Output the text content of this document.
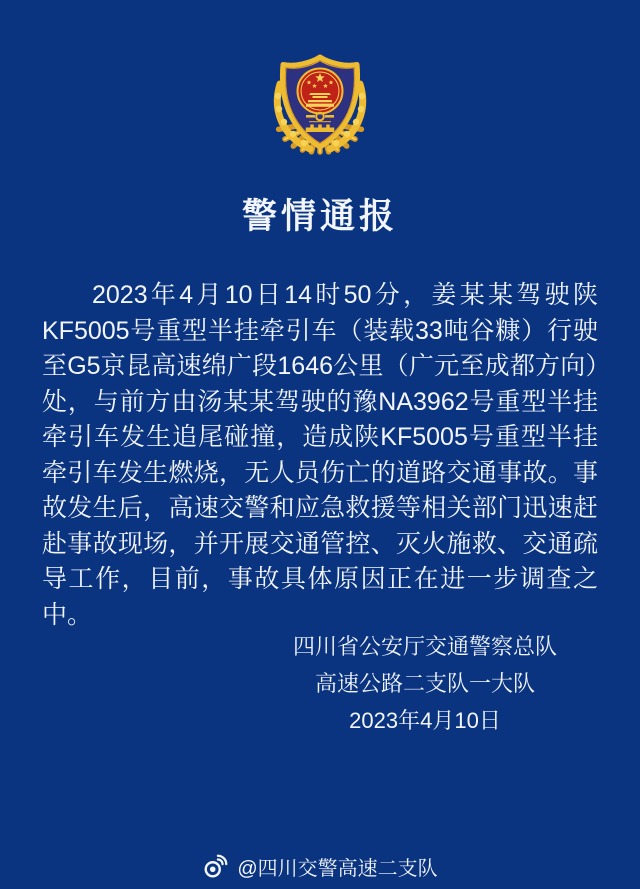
警情通报
2023年4月10日14时50分，姜某某驾驶陕KF5005号重型半挂牵引车（装载33吨谷糠）行驶至G5京昆高速绵广段1646公里（广元至成都方向）处，与前方由汤某某驾驶的豫NA3962号重型半挂牵引车发生追尾碰撞，造成陕KF5005号重型半挂牵引车发生燃烧，无人员伤亡的道路交通事故。事故发生后，高速交警和应急救援等相关部门迅速赶赴事故现场，并开展交通管控、灭火施救、交通疏导工作，目前，事故具体原因正在进一步调查之中。
四川省公安厅交通警察总队
高速公路二支队一大队
2023年4月10日
@四川交警高速二支队
